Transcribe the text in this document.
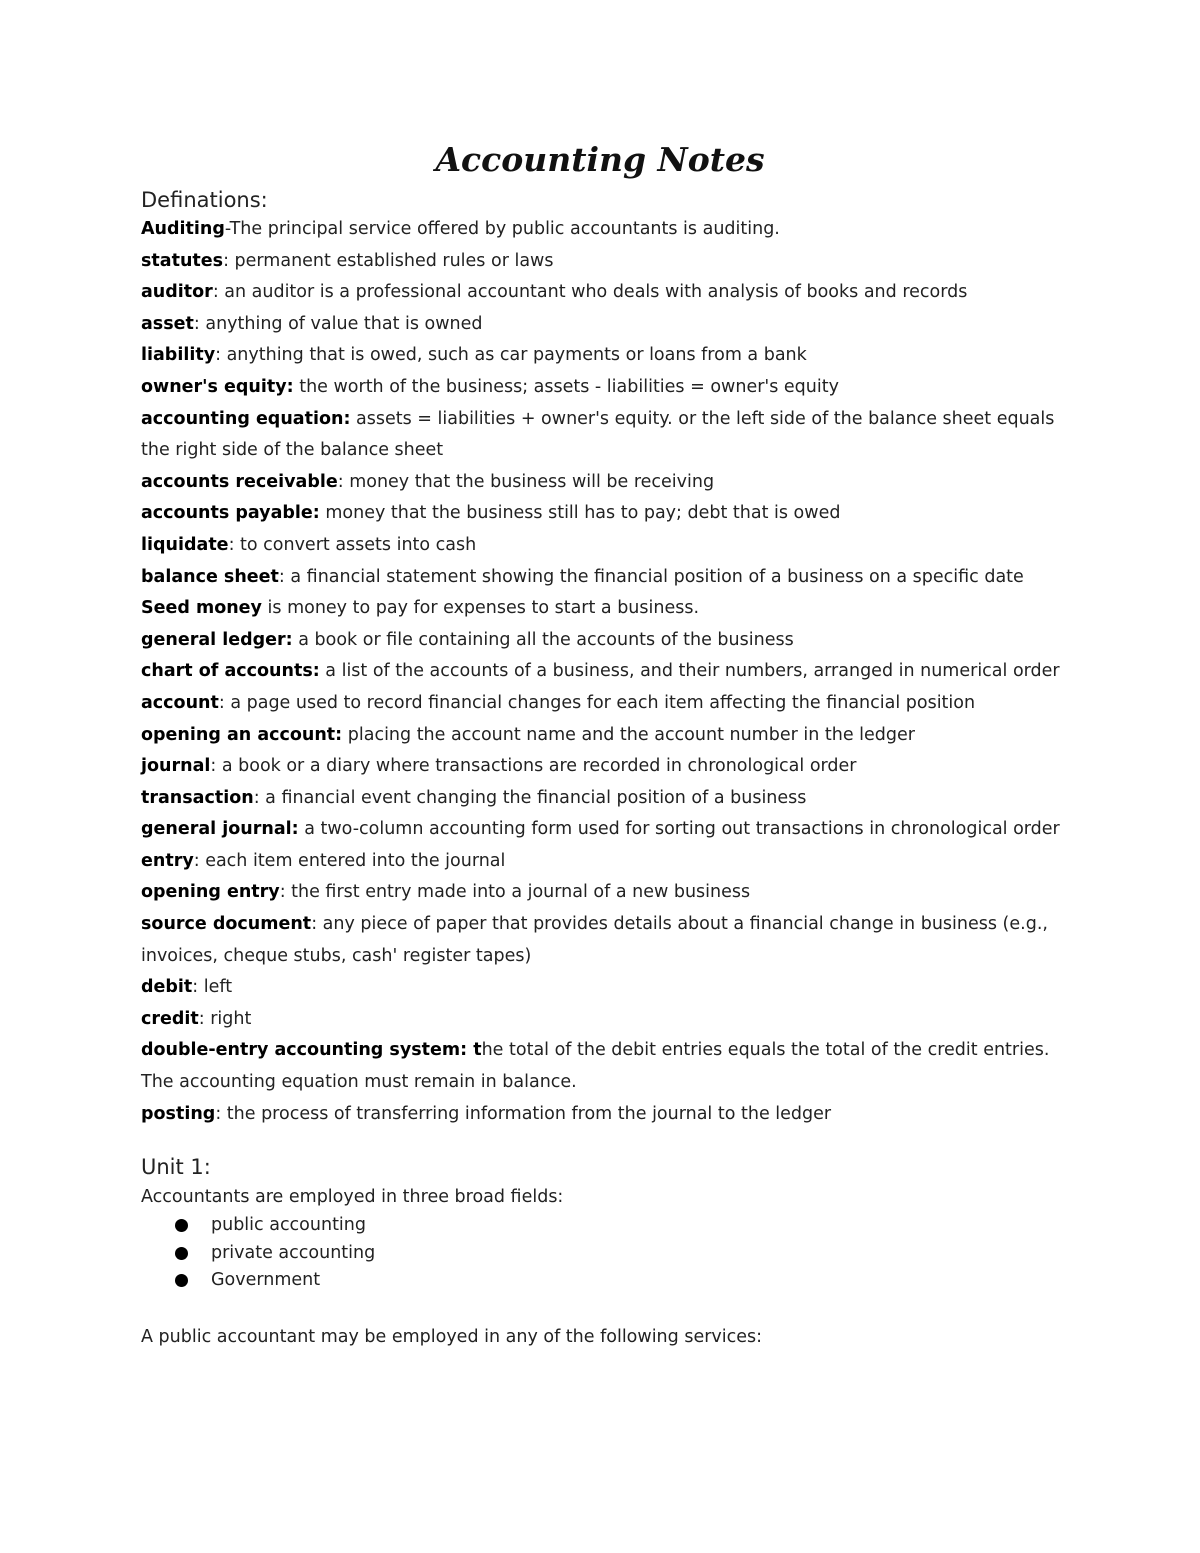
Accounting Notes
Definations:
Auditing-The principal service offered by public accountants is auditing.
statutes: permanent established rules or laws
auditor: an auditor is a professional accountant who deals with analysis of books and records
asset: anything of value that is owned
liability: anything that is owed, such as car payments or loans from a bank
owner's equity: the worth of the business; assets - liabilities = owner's equity
accounting equation: assets = liabilities + owner's equity. or the left side of the balance sheet equals the right side of the balance sheet
accounts receivable: money that the business will be receiving
accounts payable: money that the business still has to pay; debt that is owed
liquidate: to convert assets into cash
balance sheet: a financial statement showing the financial position of a business on a specific date
Seed money is money to pay for expenses to start a business.
general ledger: a book or file containing all the accounts of the business
chart of accounts: a list of the accounts of a business, and their numbers, arranged in numerical order
account: a page used to record financial changes for each item affecting the financial position
opening an account: placing the account name and the account number in the ledger
journal: a book or a diary where transactions are recorded in chronological order
transaction: a financial event changing the financial position of a business
general journal: a two-column accounting form used for sorting out transactions in chronological order
entry: each item entered into the journal
opening entry: the first entry made into a journal of a new business
source document: any piece of paper that provides details about a financial change in business (e.g., invoices, cheque stubs, cash' register tapes)
debit: left
credit: right
double-entry accounting system: the total of the debit entries equals the total of the credit entries. The accounting equation must remain in balance.
posting: the process of transferring information from the journal to the ledger
Unit 1:
Accountants are employed in three broad fields:
public accounting
private accounting
Government
A public accountant may be employed in any of the following services:
